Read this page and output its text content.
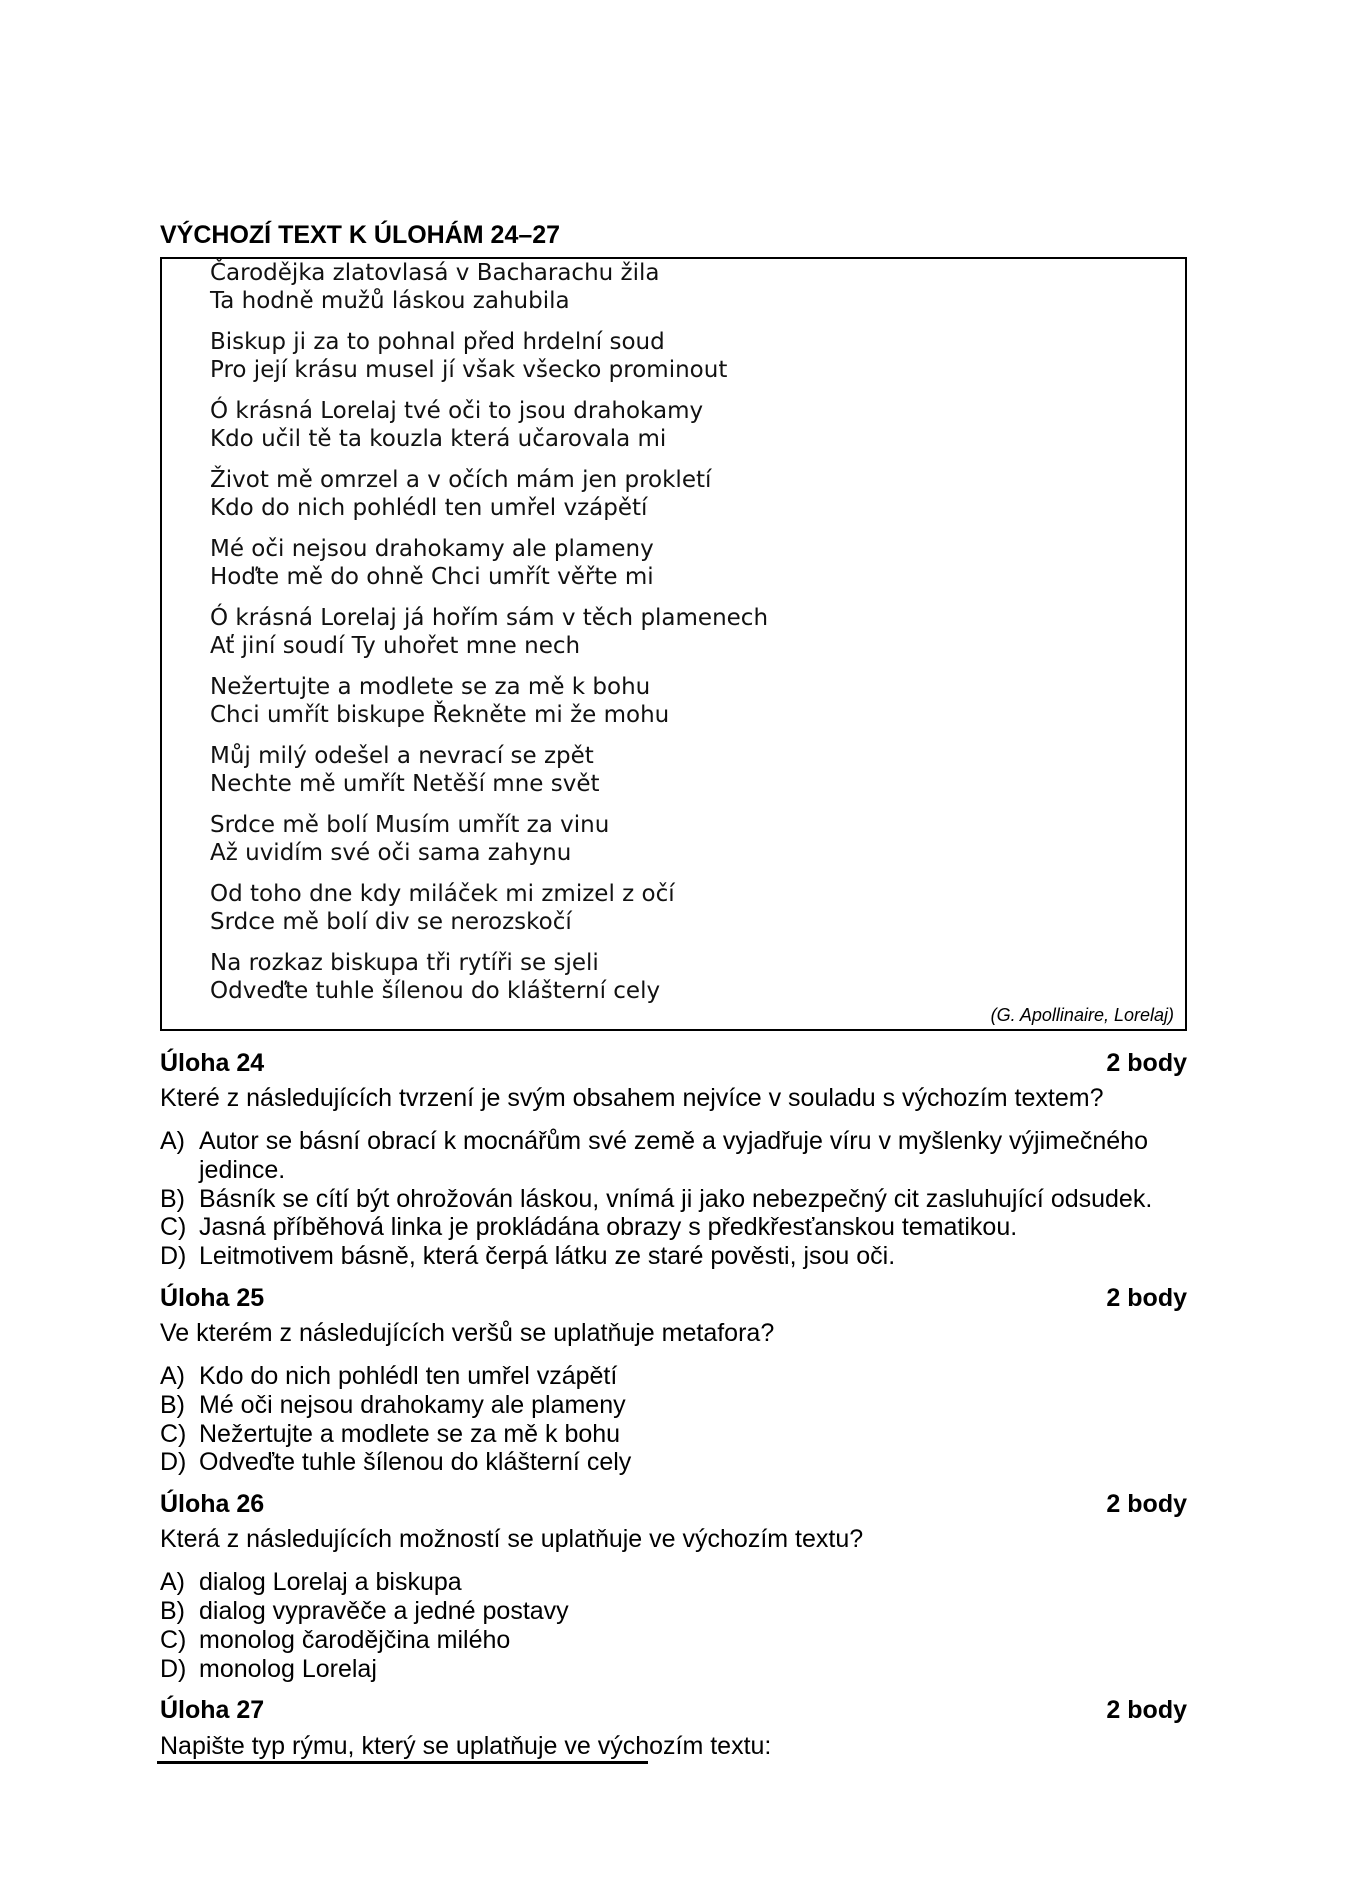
VÝCHOZÍ TEXT K ÚLOHÁM 24–27
Čarodějka zlatovlasá v Bacharachu žila
Ta hodně mužů láskou zahubila
Biskup ji za to pohnal před hrdelní soud
Pro její krásu musel jí však všecko prominout
Ó krásná Lorelaj tvé oči to jsou drahokamy
Kdo učil tě ta kouzla která učarovala mi
Život mě omrzel a v očích mám jen prokletí
Kdo do nich pohlédl ten umřel vzápětí
Mé oči nejsou drahokamy ale plameny
Hoďte mě do ohně Chci umřít věřte mi
Ó krásná Lorelaj já hořím sám v těch plamenech
Ať jiní soudí Ty uhořet mne nech
Nežertujte a modlete se za mě k bohu
Chci umřít biskupe Řekněte mi že mohu
Můj milý odešel a nevrací se zpět
Nechte mě umřít Netěší mne svět
Srdce mě bolí Musím umřít za vinu
Až uvidím své oči sama zahynu
Od toho dne kdy miláček mi zmizel z očí
Srdce mě bolí div se nerozskočí
Na rozkaz biskupa tři rytíři se sjeli
Odveďte tuhle šílenou do klášterní cely
(G. Apollinaire, Lorelaj)
Úloha 24	2 body
Které z následujících tvrzení je svým obsahem nejvíce v souladu s výchozím textem?
A) Autor se básní obrací k mocnářům své země a vyjadřuje víru v myšlenky výjimečného jedince.
B) Básník se cítí být ohrožován láskou, vnímá ji jako nebezpečný cit zasluhující odsudek.
C) Jasná příběhová linka je prokládána obrazy s předkřesťanskou tematikou.
D) Leitmotivem básně, která čerpá látku ze staré pověsti, jsou oči.
Úloha 25	2 body
Ve kterém z následujících veršů se uplatňuje metafora?
A) Kdo do nich pohlédl ten umřel vzápětí
B) Mé oči nejsou drahokamy ale plameny
C) Nežertujte a modlete se za mě k bohu
D) Odveďte tuhle šílenou do klášterní cely
Úloha 26	2 body
Která z následujících možností se uplatňuje ve výchozím textu?
A) dialog Lorelaj a biskupa
B) dialog vypravěče a jedné postavy
C) monolog čarodějčina milého
D) monolog Lorelaj
Úloha 27	2 body
Napište typ rýmu, který se uplatňuje ve výchozím textu:
